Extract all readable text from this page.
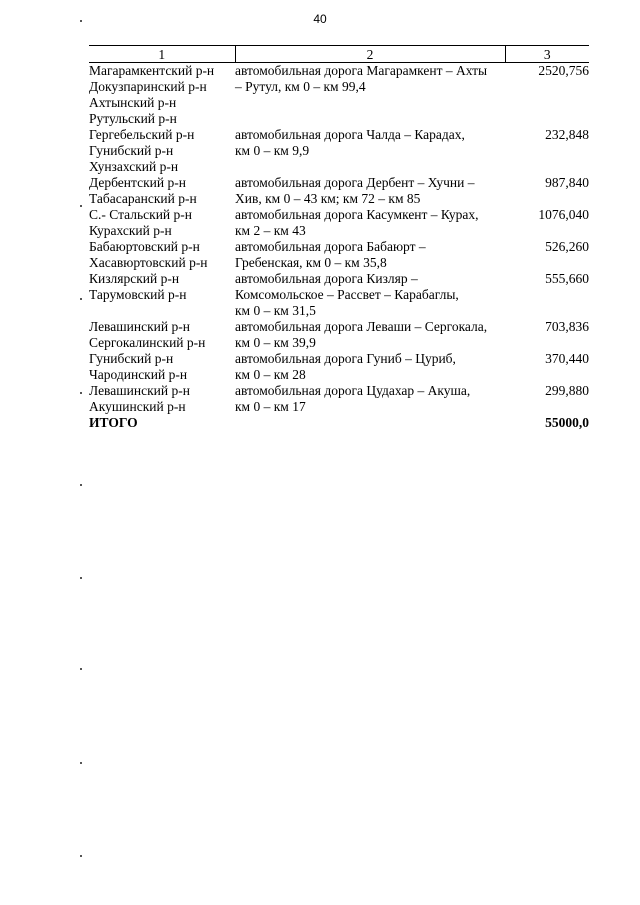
40
1	2	3
Магарамкентский р-н
Докузпаринский р-н
Ахтынский р-н
Рутульский р-н	автомобильная дорога Магарамкент – Ахты
– Рутул, км 0 – км 99,4	2520,756
Гергебельский р-н
Гунибский р-н
Хунзахский р-н	автомобильная дорога Чалда – Карадах,
км 0 – км 9,9	232,848
Дербентский р-н
Табасаранский р-н	автомобильная дорога Дербент – Хучни –
Хив, км 0 – 43 км; км 72 – км 85	987,840
С.- Стальский р-н
Курахский р-н	автомобильная дорога Касумкент – Курах,
км 2 – км 43	1076,040
Бабаюртовский р-н
Хасавюртовский р-н	автомобильная дорога Бабаюрт –
Гребенская, км 0 – км 35,8	526,260
Кизлярский р-н
Тарумовский р-н	автомобильная дорога Кизляр –
Комсомольское – Рассвет – Карабаглы,
км 0 – км 31,5	555,660
Левашинский р-н
Сергокалинский р-н	автомобильная дорога Леваши – Сергокала,
км 0 – км 39,9	703,836
Гунибский р-н
Чародинский р-н	автомобильная дорога Гуниб – Цуриб,
км 0 – км 28	370,440
Левашинский р-н
Акушинский р-н	автомобильная дорога Цудахар – Акуша,
км 0 – км 17	299,880
ИТОГО		55000,0
